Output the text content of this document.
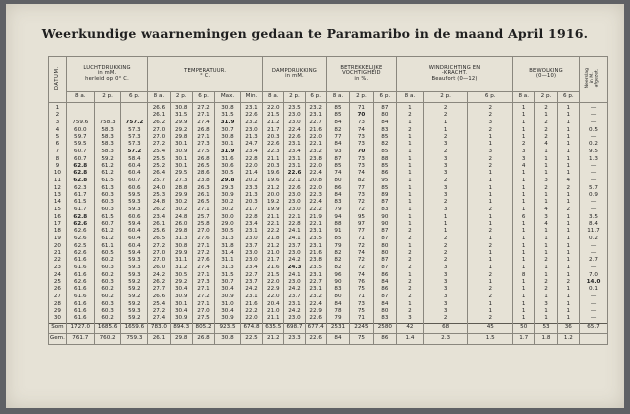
Weerkundige waarnemingen gedaan te Paramaribo in de maand April 1916.
DATUM.	LUCHTDRUKKING
in mM.
herleid op 0° C.			TEMPERATUUR.
° C.					DAMPDRUKKING
in mM.			BETREKKELIJKE
VOCHTIGHEID
in %.			WINDRICHTING EN
-KRACHT.
Beaufort (0—12)			BEWOLKING
(0—10)			Neerslag
in M.
afgezet.
	8 a.	2 p.	6 p.	8 a.	2 p.	6 p.	Max.	Min.	8 a.	2 p.	6 p.	8 a.	2 p.	6 p.	8 a.	2 p.	6 p.	8 a.	2 p.	6 p.	
1				26.6	30.8	27.2	30.8	23.1	22.0	23.5	23.2	85	71	87	1	2	2	1	2	1	—
2				26.1	31.5	27.1	31.5	22.6	21.5	23.0	23.1	85	70	80	2	2	2	1	1	1	—
3	759.6	758.3	757.2	26.2	29.9	27.4	31.9	23.2	21.2	23.0	22.7	84	73	84	1	1	3	1	2	1	—
4	60.0	58.3	57.3	27.0	29.2	26.8	30.7	23.0	21.7	22.4	21.6	82	74	83	2	1	2	1	2	1	0.5
5	59.7	58.3	57.3	27.0	29.8	27.1	30.8	21.3	20.3	22.6	22.0	77	73	85	1	2	1	1	2	1	—
6	59.5	58.3	57.3	27.2	30.1	27.3	30.1	24.7	22.6	23.1	22.1	84	73	82	1	3	1	2	4	1	0.2
7	60.7	58.3	57.2	25.4	30.9	27.5	31.9	23.4	22.3	23.4	23.2	93	70	85	1	2	3	3	1	1	9.5
8	60.7	59.2	58.4	25.5	30.1	26.8	31.6	22.8	21.1	23.1	23.8	87	73	88	1	3	2	3	1	1	1.3
9	62.8	61.2	60.4	25.2	30.1	26.5	30.6	22.0	20.3	23.1	22.0	85	73	85	1	3	2	4	1	1	—
10	62.8	61.2	60.4	26.4	29.5	28.6	30.5	21.4	19.6	22.6	22.4	74	74	86	1	3	1	1	1	1	—
11	62.8	61.5	60.7	25.7	27.3	23.8	29.8	20.2	19.6	22.1	20.8	80	82	95	1	2	1	1	3	4	—
12	62.3	61.3	60.6	24.0	28.8	26.3	29.3	23.3	21.2	22.6	22.0	86	77	85	1	3	1	1	2	2	5.7
13	61.7	60.3	59.5	25.3	29.9	26.1	30.9	21.3	20.0	23.0	22.3	84	73	89	1	3	1	1	1	1	0.9
14	61.5	60.3	59.3	24.8	30.2	26.5	30.2	20.3	19.2	23.0	22.4	83	72	87	1	2	1	1	1	1	—
15	61.7	60.3	59.3	26.2	30.2	27.1	30.2	21.7	19.9	23.0	22.2	79	72	83	1	3	2	1	4	2	—
16	62.8	61.5	60.6	23.4	24.8	25.7	30.0	22.8	21.1	22.1	21.9	94	95	90	1	1	1	6	3	1	3.5
17	62.6	60.7	59.4	26.1	26.0	25.8	29.0	23.4	22.1	22.8	22.1	88	97	90	1	1	1	1	4	1	8.4
18	62.6	61.2	60.4	25.6	29.8	27.0	30.5	23.1	22.2	24.1	23.1	91	77	87	2	1	2	1	1	1	11.7
19	62.6	61.2	60.4	26.5	31.3	27.6	31.3	23.0	21.8	24.1	23.5	85	71	87	2	2	1	1	1	1	0.2
20	62.5	61.1	60.4	27.2	30.8	27.1	31.8	23.7	21.2	23.7	23.1	79	72	80	1	2	2	1	1	1	—
21	62.6	60.5	59.4	27.0	29.9	27.2	31.4	23.0	21.0	23.0	21.6	82	74	80	2	2	1	1	1	1	—
22	61.6	60.2	59.3	27.0	31.1	27.6	31.1	23.0	21.7	24.2	23.8	82	72	87	2	2	1	1	2	1	2.7
23	61.6	60.3	59.3	26.0	31.2	27.4	31.3	23.4	21.6	24.3	23.5	82	72	87	2	3	1	1	1	1	—
24	61.6	60.2	59.3	24.2	30.5	27.1	31.5	22.7	21.5	24.1	23.1	96	74	86	1	3	2	8	1	1	7.0
25	62.6	60.3	59.2	26.2	29.2	27.3	30.7	23.7	22.0	23.0	22.7	90	76	84	2	3	1	1	2	2	14.0
26	61.6	60.2	59.2	27.7	30.4	27.1	30.4	24.2	22.9	24.2	23.1	83	75	86	2	3	2	1	2	1	0.1
27	61.6	60.2	59.2	26.6	30.9	27.2	30.9	23.1	22.0	23.7	23.2	80	71	87	2	3	2	1	1	1	—
28	61.6	60.3	59.2	25.4	30.1	27.1	31.0	21.6	20.4	23.1	22.4	84	73	84	1	3	1	1	3	1	—
29	61.6	60.3	59.3	27.2	30.4	27.0	30.4	22.2	21.0	24.2	22.9	78	75	80	2	3	1	1	1	1	—
30	61.6	60.2	59.2	27.4	30.9	27.5	30.9	22.0	21.1	23.0	22.6	79	71	83	3	2	2	1	1	1	—
Som	1727.0	1685.6	1659.6	783.0	894.3	805.2	923.5	674.8	635.5	698.7	677.4	2531	2245	2580	42	68	45	50	53	36	65.7
Gem.	761.7	760.2	759.3	26.1	29.8	26.8	30.8	22.5	21.2	23.3	22.6	84	75	86	1.4	2.3	1.5	1.7	1.8	1.2	
